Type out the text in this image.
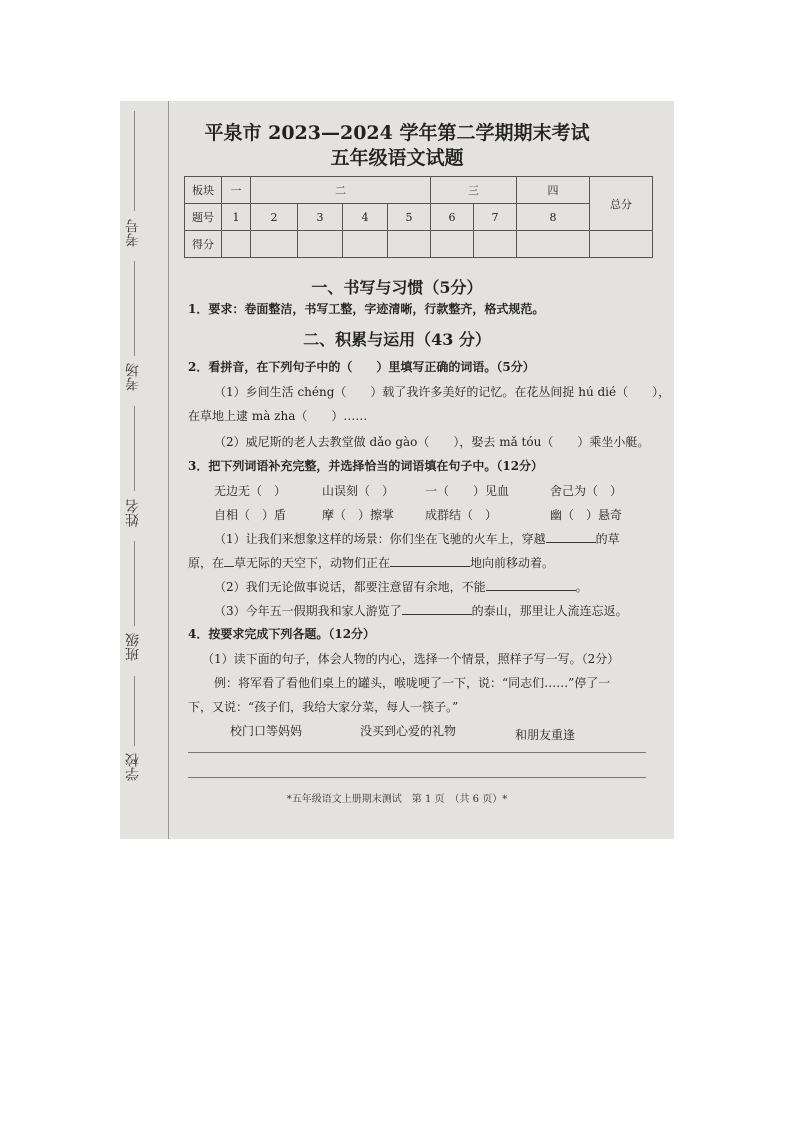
考号
考场
姓名
班级
学校
平泉市 2023—2024 学年第二学期期末考试
五年级语文试题
板块	一	二				三		四	总分
题号	1	2	3	4	5	6	7	8	
得分									
一、书写与习惯（5分）
1．要求：卷面整洁，书写工整，字迹清晰，行款整齐，格式规范。
二、积累与运用（43 分）
2．看拼音，在下列句子中的（　　）里填写正确的词语。（5分）
（1）乡间生活 chéng（　　）载了我许多美好的记忆。在花丛间捉 hú dié（　　），
在草地上逮 mà zha（　　）……
（2）威尼斯的老人去教堂做 dǎo gào（　　），娶去 mǎ tóu（　　）乘坐小艇。
3．把下列词语补充完整，并选择恰当的词语填在句子中。（12分）
无边无（　）	山误刻（　）	一（　　）见血	舍己为（　）
自相（　）盾	摩（　）擦掌	成群结（　）	幽（　）悬奇
（1）让我们来想象这样的场景：你们坐在飞驰的火车上，穿越	的草
原，在 草无际的天空下，动物们正在	地向前移动着。
（2）我们无论做事说话，都要注意留有余地，不能	。
（3）今年五一假期我和家人游览了	的泰山，那里让人流连忘返。
4．按要求完成下列各题。（12分）
（1）读下面的句子，体会人物的内心，选择一个情景，照样子写一写。（2分）
例：将军看了看他们桌上的罐头，喉咙哽了一下，说：“同志们……”停了一
下，又说：“孩子们，我给大家分菜，每人一筷子。”
校门口等妈妈	没买到心爱的礼物	和朋友重逢
*五年级语文上册期末测试　第 1 页　（共 6 页）*
